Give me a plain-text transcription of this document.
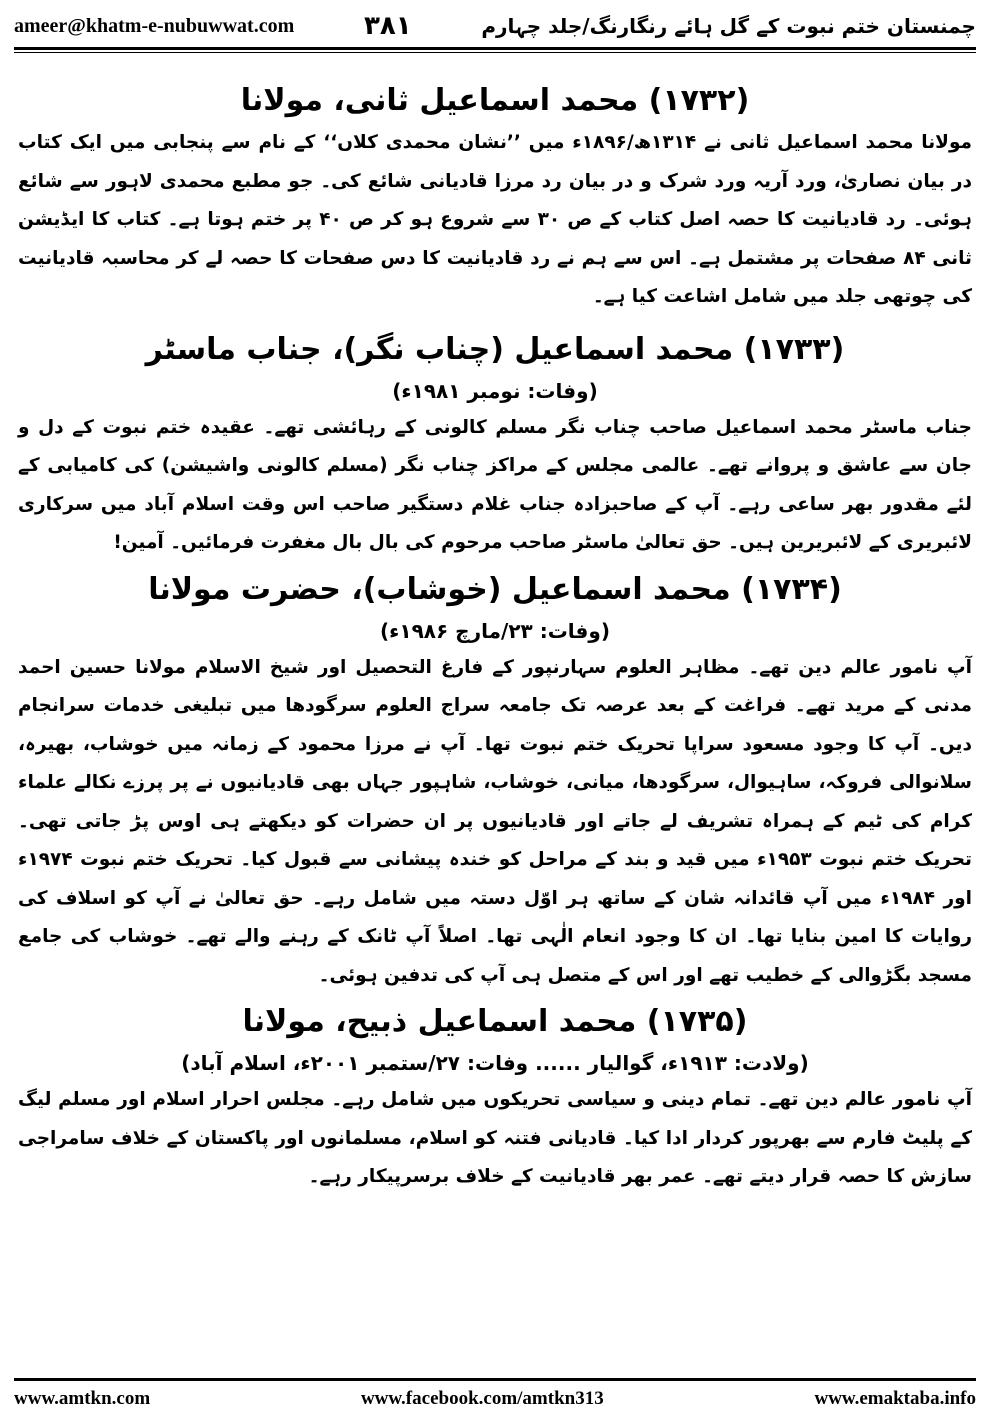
ameer@khatm-e-nubuwwat.com	۳۸۱	چمنستان ختم نبوت کے گل ہائے رنگارنگ/جلد چہارم
(۱۷۳۲) محمد اسماعیل ثانی، مولانا

مولانا محمد اسماعیل ثانی نے ۱۳۱۴ھ/۱۸۹۶ء میں ’’نشان محمدی کلاں‘‘ کے نام سے پنجابی میں ایک کتاب در بیان نصاریٰ، ورد آریہ ورد شرک و در بیان رد مرزا قادیانی شائع کی۔ جو مطبع محمدی لاہور سے شائع ہوئی۔ رد قادیانیت کا حصہ اصل کتاب کے ص ۳۰ سے شروع ہو کر ص ۴۰ پر ختم ہوتا ہے۔ کتاب کا ایڈیشن ثانی ۸۴ صفحات پر مشتمل ہے۔ اس سے ہم نے رد قادیانیت کا دس صفحات کا حصہ لے کر محاسبہ قادیانیت کی چوتھی جلد میں شامل اشاعت کیا ہے۔

(۱۷۳۳) محمد اسماعیل (چناب نگر)، جناب ماسٹر

(وفات: نومبر ۱۹۸۱ء)

جناب ماسٹر محمد اسماعیل صاحب چناب نگر مسلم کالونی کے رہائشی تھے۔ عقیدہ ختم نبوت کے دل و جان سے عاشق و پروانے تھے۔ عالمی مجلس کے مراکز چناب نگر (مسلم کالونی واشیشن) کی کامیابی کے لئے مقدور بھر ساعی رہے۔ آپ کے صاحبزادہ جناب غلام دستگیر صاحب اس وقت اسلام آباد میں سرکاری لائبریری کے لائبریرین ہیں۔ حق تعالیٰ ماسٹر صاحب مرحوم کی بال بال مغفرت فرمائیں۔ آمین!

(۱۷۳۴) محمد اسماعیل (خوشاب)، حضرت مولانا

(وفات: ۲۳/مارچ ۱۹۸۶ء)

آپ نامور عالم دین تھے۔ مظاہر العلوم سہارنپور کے فارغ التحصیل اور شیخ الاسلام مولانا حسین احمد مدنی کے مرید تھے۔ فراغت کے بعد عرصہ تک جامعہ سراج العلوم سرگودھا میں تبلیغی خدمات سرانجام دیں۔ آپ کا وجود مسعود سراپا تحریک ختم نبوت تھا۔ آپ نے مرزا محمود کے زمانہ میں خوشاب، بھیرہ، سلانوالی فروکہ، ساہیوال، سرگودھا، میانی، خوشاب، شاہپور جہاں بھی قادیانیوں نے پر پرزے نکالے علماء کرام کی ٹیم کے ہمراہ تشریف لے جاتے اور قادیانیوں پر ان حضرات کو دیکھتے ہی اوس پڑ جاتی تھی۔ تحریک ختم نبوت ۱۹۵۳ء میں قید و بند کے مراحل کو خندہ پیشانی سے قبول کیا۔ تحریک ختم نبوت ۱۹۷۴ء اور ۱۹۸۴ء میں آپ قائدانہ شان کے ساتھ ہر اوّل دستہ میں شامل رہے۔ حق تعالیٰ نے آپ کو اسلاف کی روایات کا امین بنایا تھا۔ ان کا وجود انعام الٰہی تھا۔ اصلاً آپ ٹانک کے رہنے والے تھے۔ خوشاب کی جامع مسجد بگڑوالی کے خطیب تھے اور اس کے متصل ہی آپ کی تدفین ہوئی۔

(۱۷۳۵) محمد اسماعیل ذبیح، مولانا

(ولادت: ۱۹۱۳ء، گوالیار ...... وفات: ۲۷/ستمبر ۲۰۰۱ء، اسلام آباد)

آپ نامور عالم دین تھے۔ تمام دینی و سیاسی تحریکوں میں شامل رہے۔ مجلس احرار اسلام اور مسلم لیگ کے پلیٹ فارم سے بھرپور کردار ادا کیا۔ قادیانی فتنہ کو اسلام، مسلمانوں اور پاکستان کے خلاف سامراجی سازش کا حصہ قرار دیتے تھے۔ عمر بھر قادیانیت کے خلاف برسرپیکار رہے۔

www.amtkn.com	www.facebook.com/amtkn313	www.emaktaba.info
